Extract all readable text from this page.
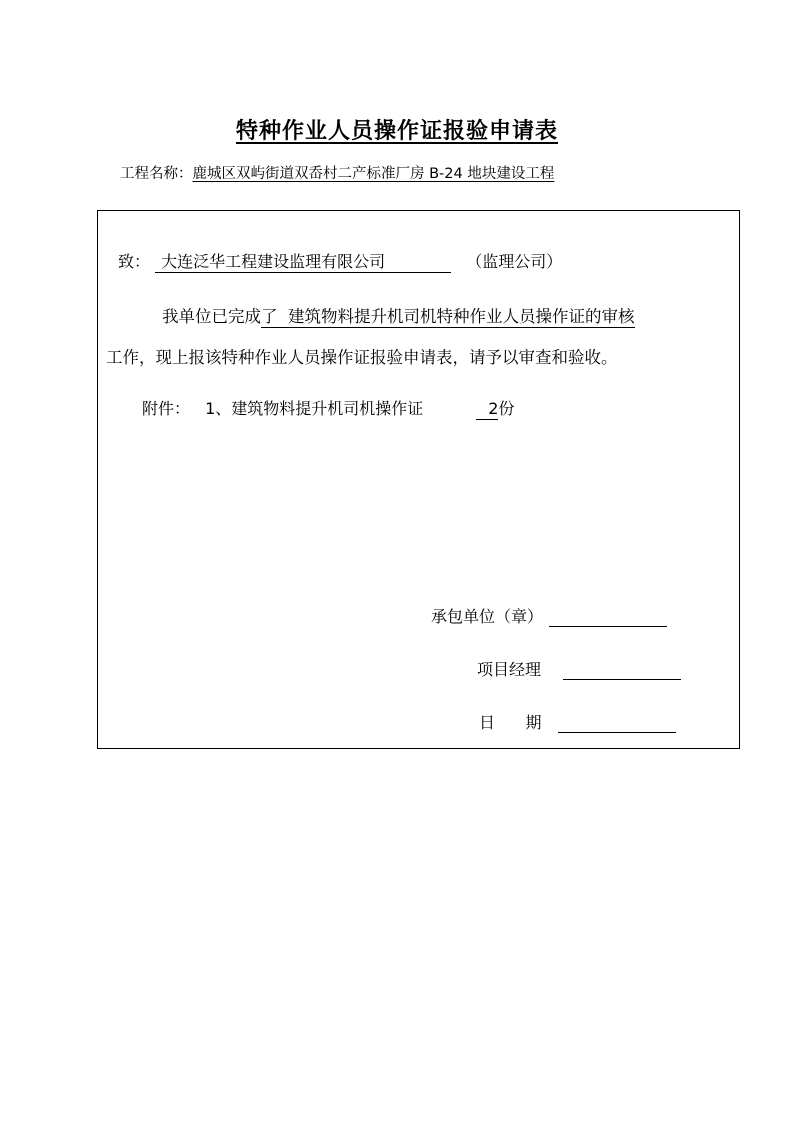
特种作业人员操作证报验申请表
工程名称：鹿城区双屿街道双岙村二产标准厂房 B-24 地块建设工程
致： 大连泛华工程建设监理有限公司	（监理公司）
我单位已完成了  建筑物料提升机司机特种作业人员操作证的审核
工作，现上报该特种作业人员操作证报验申请表，请予以审查和验收。
附件： 1、建筑物料提升机司机操作证	2份
承包单位（章）
项目经理
日      期
